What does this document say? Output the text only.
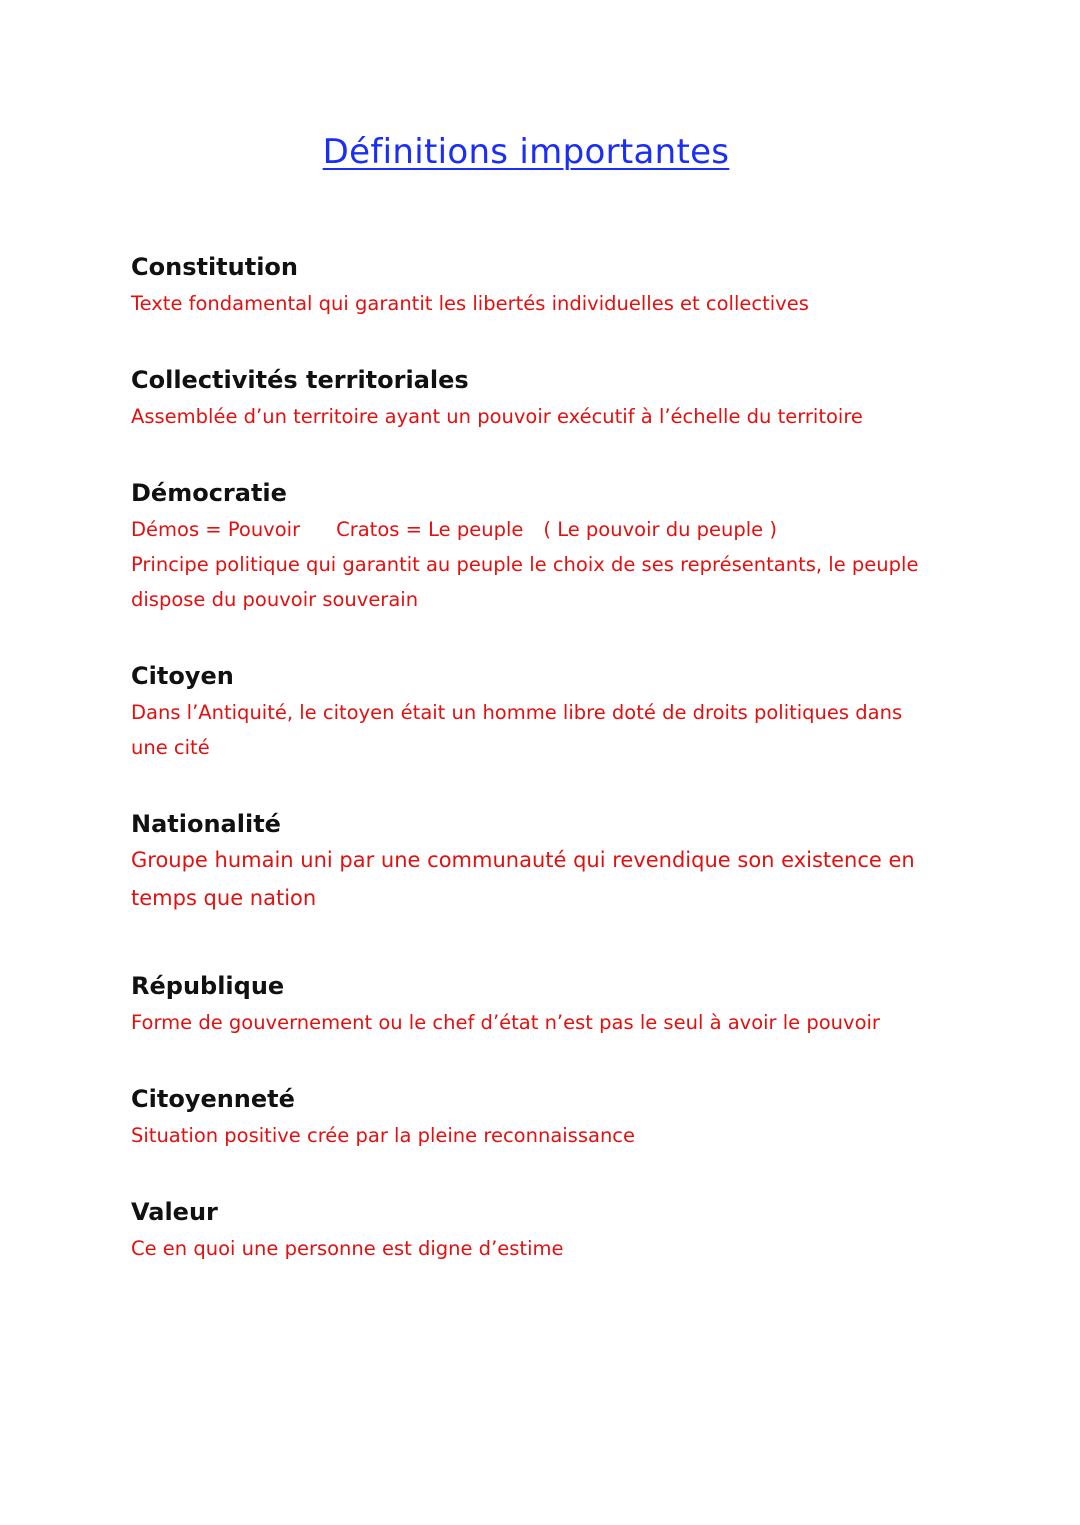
Définitions importantes

Constitution

Texte fondamental qui garantit les libertés individuelles et collectives

Collectivités territoriales

Assemblée d’un territoire ayant un pouvoir exécutif à l’échelle du territoire

Démocratie

Démos = Pouvoir Cratos = Le peuple ( Le pouvoir du peuple )

Principe politique qui garantit au peuple le choix de ses représentants, le peuple

dispose du pouvoir souverain

Citoyen

Dans l’Antiquité, le citoyen était un homme libre doté de droits politiques dans

une cité

Nationalité

Groupe humain uni par une communauté qui revendique son existence en

temps que nation

République

Forme de gouvernement ou le chef d’état n’est pas le seul à avoir le pouvoir

Citoyenneté

Situation positive crée par la pleine reconnaissance

Valeur

Ce en quoi une personne est digne d’estime
